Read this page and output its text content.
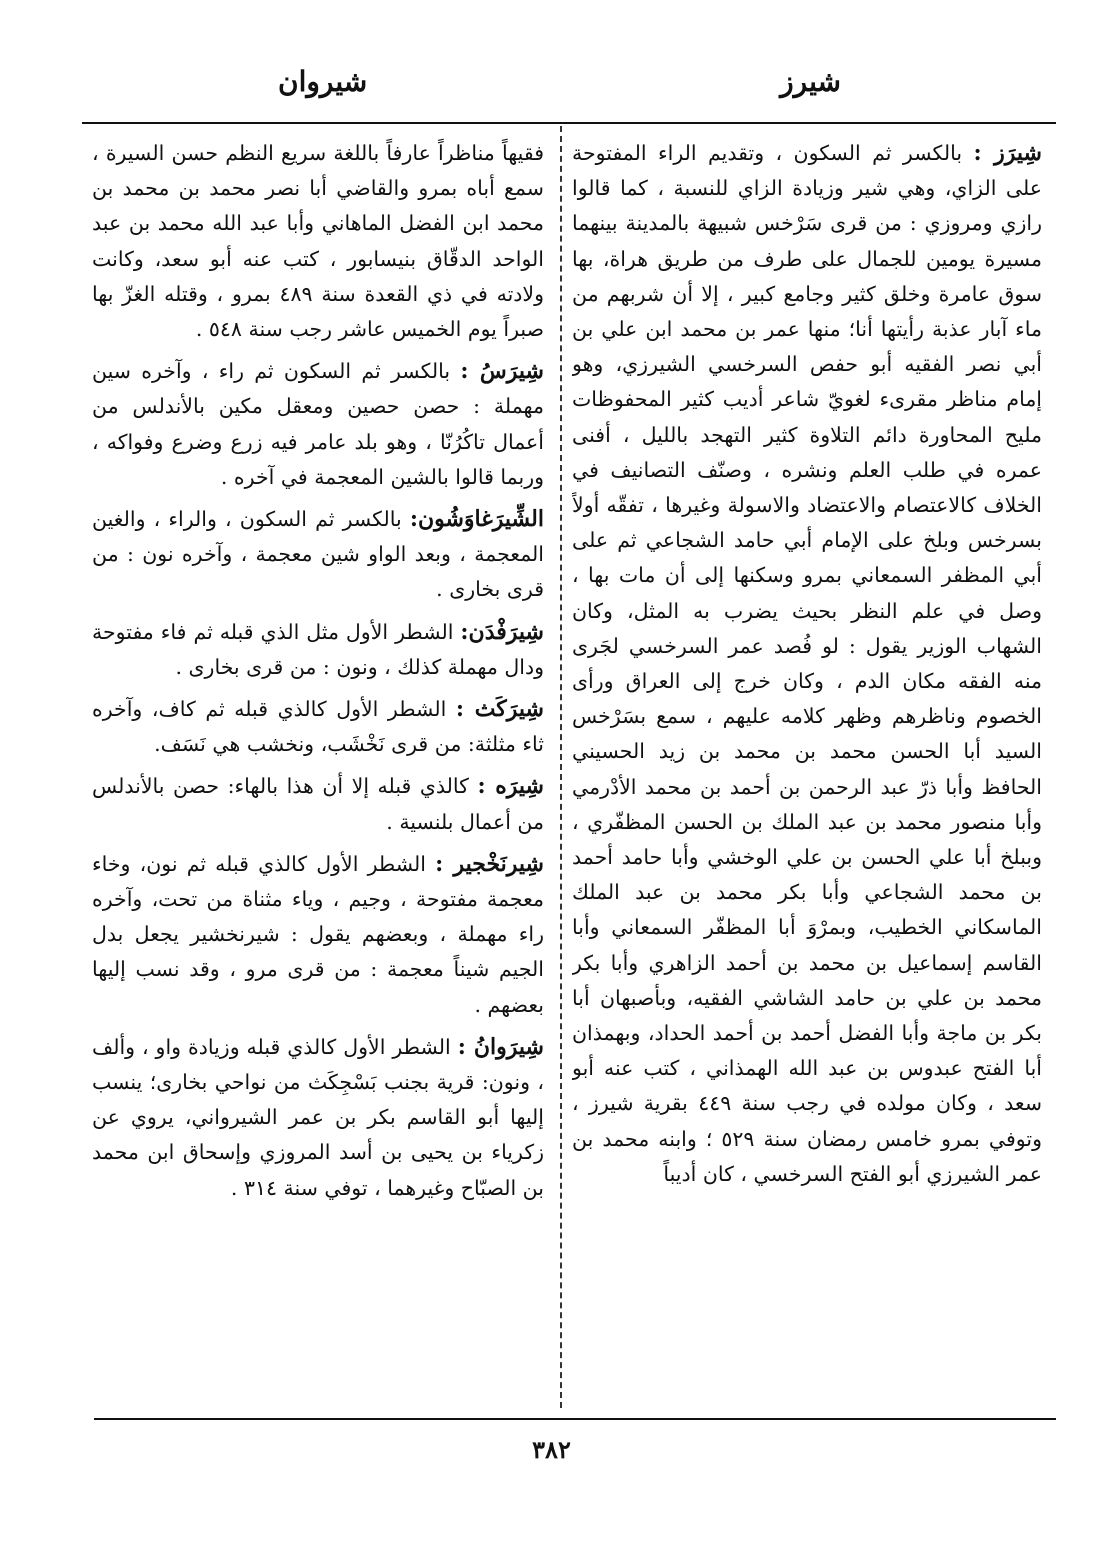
شيرز
شيروان

شِيرَز : بالكسر ثم السكون ، وتقديم الراء المفتوحة على الزاي، وهي شير وزيادة الزاي للنسبة ، كما قالوا رازي ومروزي : من قرى سَرْخس شبيهة بالمدينة بينهما مسيرة يومين للجمال على طرف من طريق هراة، بها سوق عامرة وخلق كثير وجامع كبير ، إلا أن شربهم من ماء آبار عذبة رأيتها أنا؛ منها عمر بن محمد ابن علي بن أبي نصر الفقيه أبو حفص السرخسي الشيرزي، وهو إمام مناظر مقرىء لغويّ شاعر أديب كثير المحفوظات مليح المحاورة دائم التلاوة كثير التهجد بالليل ، أفنى عمره في طلب العلم ونشره ، وصنّف التصانيف في الخلاف كالاعتصام والاعتضاد والاسولة وغيرها ، تفقّه أولاً بسرخس وبلخ على الإمام أبي حامد الشجاعي ثم على أبي المظفر السمعاني بمرو وسكنها إلى أن مات بها ، وصل في علم النظر بحيث يضرب به المثل، وكان الشهاب الوزير يقول : لو فُصد عمر السرخسي لجَرى منه الفقه مكان الدم ، وكان خرج إلى العراق ورأى الخصوم وناظرهم وظهر كلامه عليهم ، سمع بسَرْخس السيد أبا الحسن محمد بن محمد بن زيد الحسيني الحافظ وأبا ذرّ عبد الرحمن بن أحمد بن محمد الأدْرمي وأبا منصور محمد بن عبد الملك بن الحسن المظفّري ، وببلخ أبا علي الحسن بن علي الوخشي وأبا حامد أحمد بن محمد الشجاعي وأبا بكر محمد بن عبد الملك الماسكاني الخطيب، وبمرْوَ أبا المظفّر السمعاني وأبا القاسم إسماعيل بن محمد بن أحمد الزاهري وأبا بكر محمد بن علي بن حامد الشاشي الفقيه، وبأصبهان أبا بكر بن ماجة وأبا الفضل أحمد بن أحمد الحداد، وبهمذان أبا الفتح عبدوس بن عبد الله الهمذاني ، كتب عنه أبو سعد ، وكان مولده في رجب سنة ٤٤٩ بقرية شيرز ، وتوفي بمرو خامس رمضان سنة ٥٢٩ ؛ وابنه محمد بن عمر الشيرزي أبو الفتح السرخسي ، كان أديباً

فقيهاً مناظراً عارفاً باللغة سريع النظم حسن السيرة ، سمع أباه بمرو والقاضي أبا نصر محمد بن محمد بن محمد ابن الفضل الماهاني وأبا عبد الله محمد بن عبد الواحد الدقّاق بنيسابور ، كتب عنه أبو سعد، وكانت ولادته في ذي القعدة سنة ٤٨٩ بمرو ، وقتله الغزّ بها صبراً يوم الخميس عاشر رجب سنة ٥٤٨ .

شِيرَسُ : بالكسر ثم السكون ثم راء ، وآخره سين مهملة : حصن حصين ومعقل مكين بالأندلس من أعمال تاكُرُنّا ، وهو بلد عامر فيه زرع وضرع وفواكه ، وربما قالوا بالشين المعجمة في آخره .

الشِّيرَغاوَشُون: بالكسر ثم السكون ، والراء ، والغين المعجمة ، وبعد الواو شين معجمة ، وآخره نون : من قرى بخارى .

شِيرَفْدَن: الشطر الأول مثل الذي قبله ثم فاء مفتوحة ودال مهملة كذلك ، ونون : من قرى بخارى .

شِيرَكَث : الشطر الأول كالذي قبله ثم كاف، وآخره ثاء مثلثة: من قرى نَخْشَب، ونخشب هي نَسَف.

شِيرَه : كالذي قبله إلا أن هذا بالهاء: حصن بالأندلس من أعمال بلنسية .

شِيرنَخْجير : الشطر الأول كالذي قبله ثم نون، وخاء معجمة مفتوحة ، وجيم ، وياء مثناة من تحت، وآخره راء مهملة ، وبعضهم يقول : شيرنخشير يجعل بدل الجيم شيناً معجمة : من قرى مرو ، وقد نسب إليها بعضهم .

شِيرَوانُ : الشطر الأول كالذي قبله وزيادة واو ، وألف ، ونون: قرية بجنب بَسْجِكَث من نواحي بخارى؛ ينسب إليها أبو القاسم بكر بن عمر الشيرواني، يروي عن زكرياء بن يحيى بن أسد المروزي وإسحاق ابن محمد بن الصبّاح وغيرهما ، توفي سنة ٣١٤ .

٣٨٢
